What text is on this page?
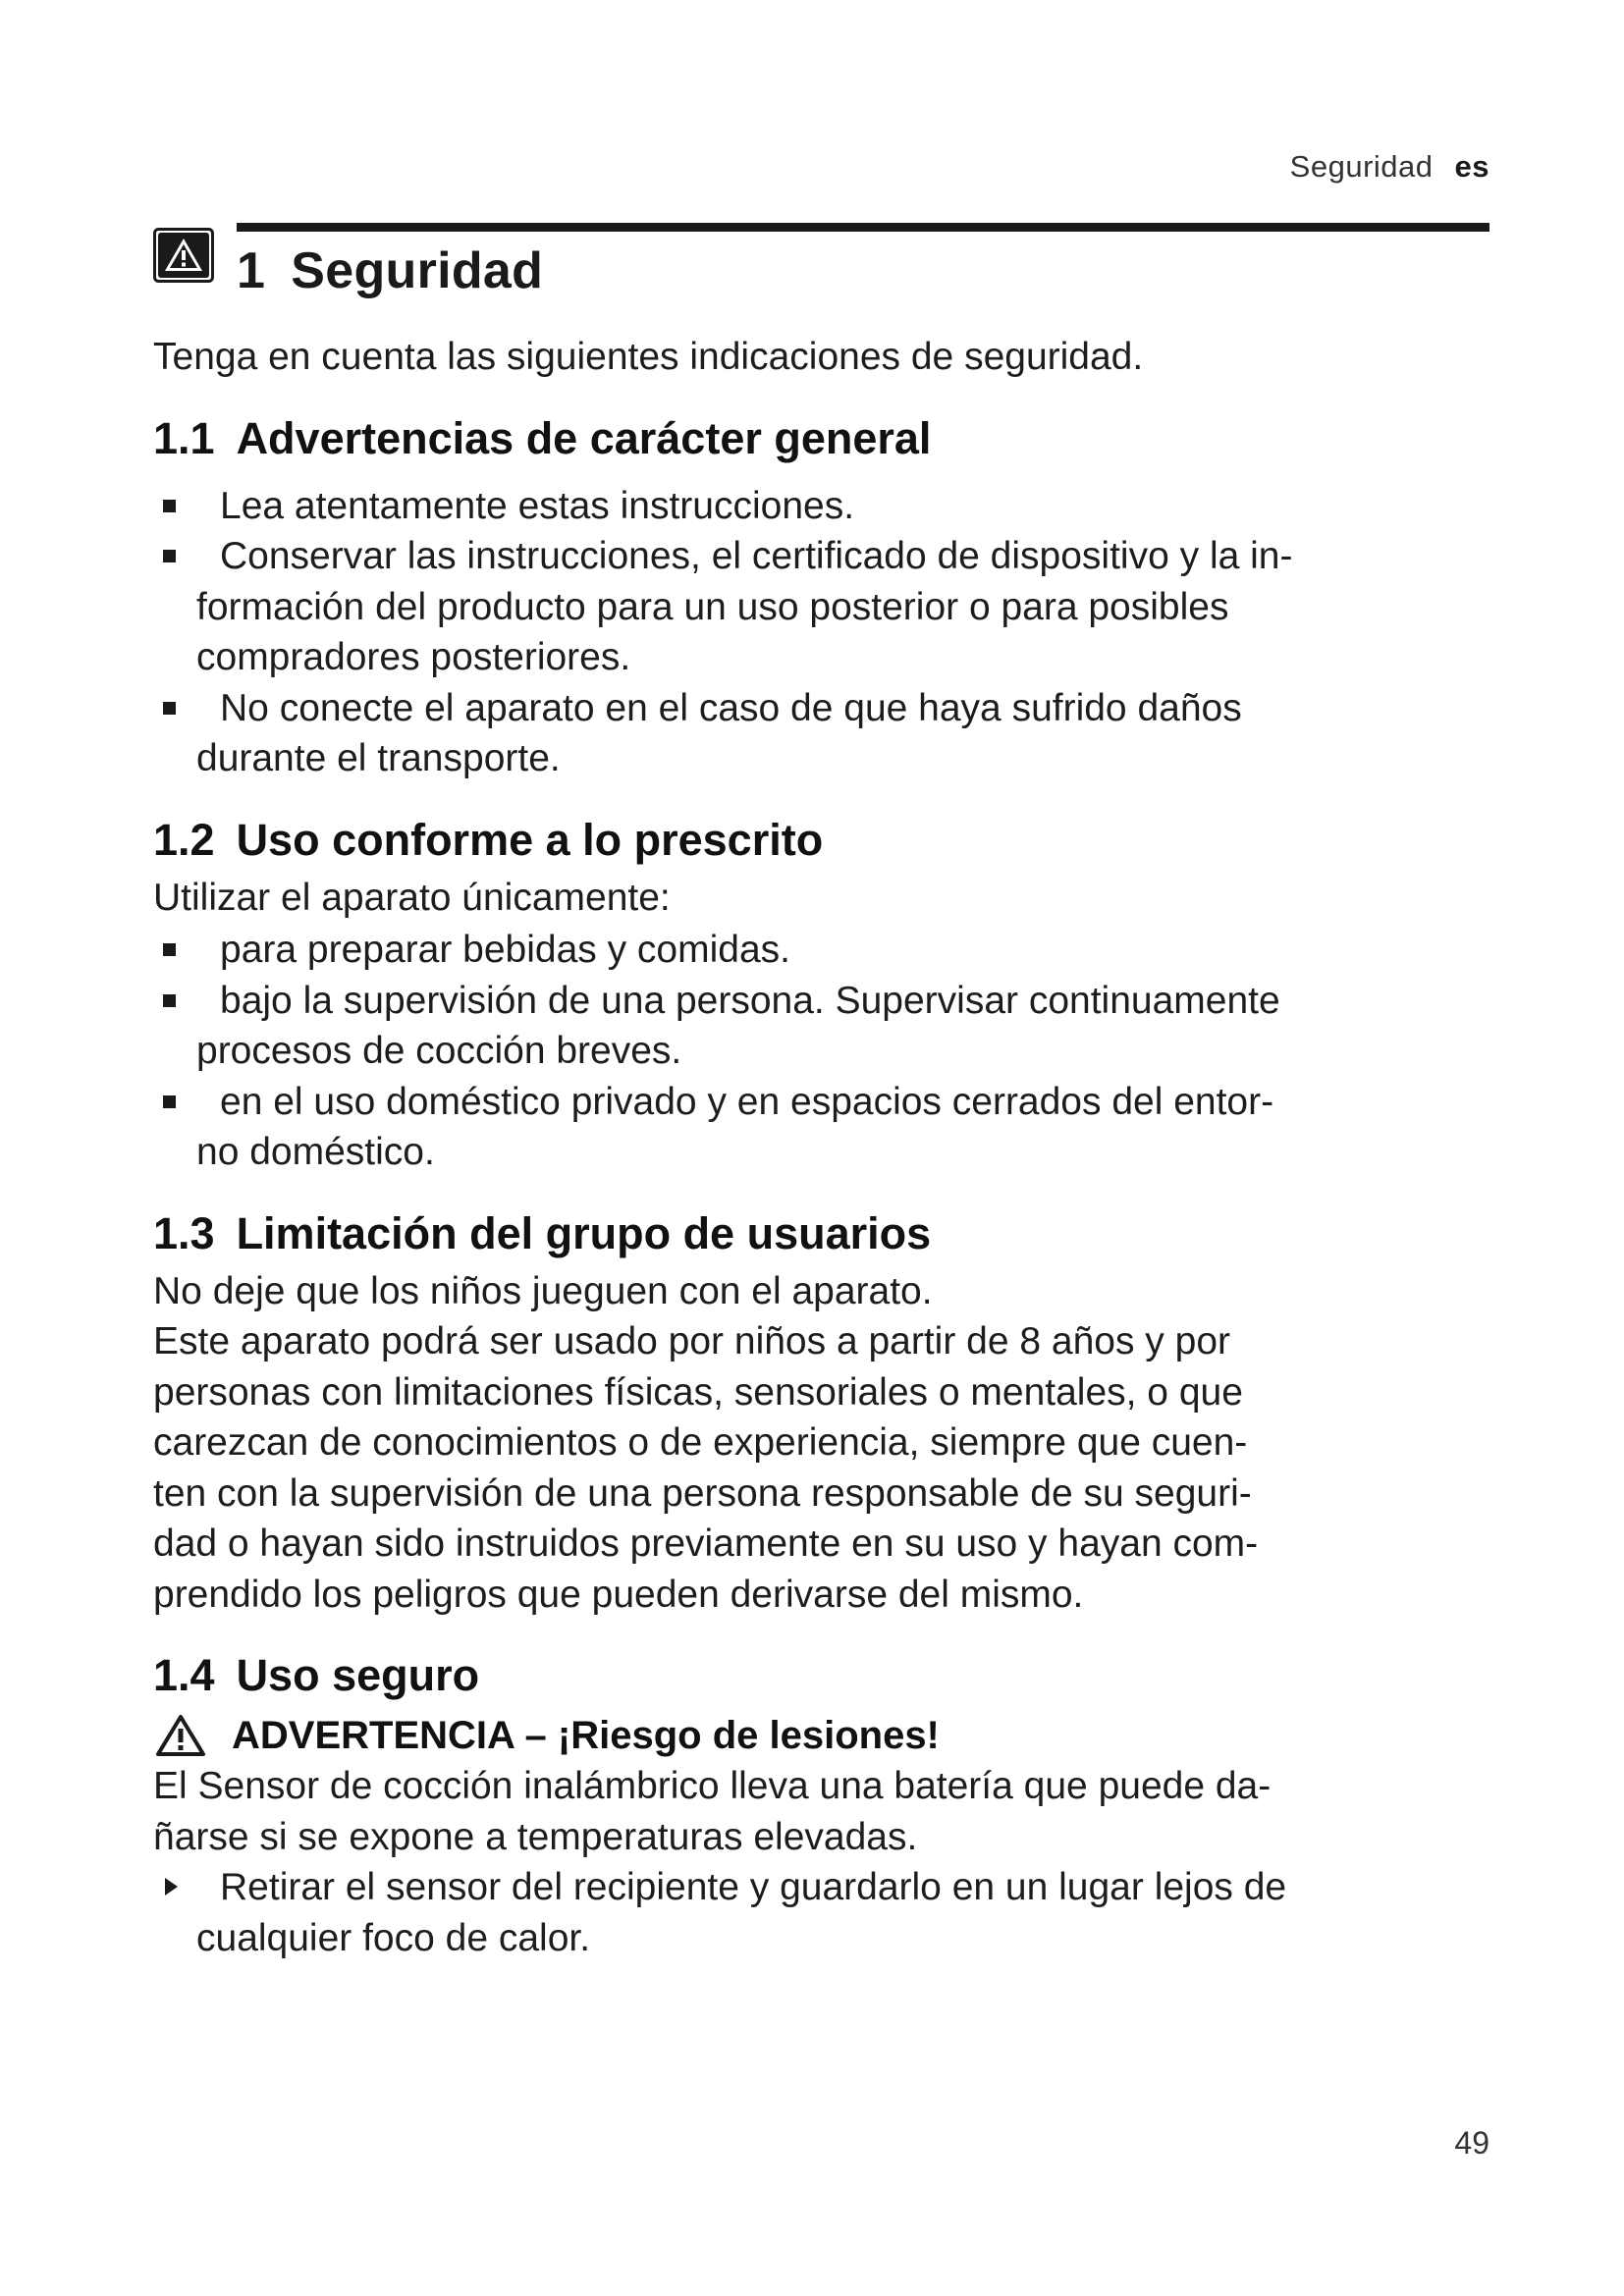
Seguridad es
1 Seguridad

Tenga en cuenta las siguientes indicaciones de seguridad.

1.1 Advertencias de carácter general
Lea atentamente estas instrucciones.
Conservar las instrucciones, el certificado de dispositivo y la in-
formación del producto para un uso posterior o para posibles
compradores posteriores.
No conecte el aparato en el caso de que haya sufrido daños
durante el transporte.
1.2 Uso conforme a lo prescrito

Utilizar el aparato únicamente:

para preparar bebidas y comidas.
bajo la supervisión de una persona. Supervisar continuamente
procesos de cocción breves.
en el uso doméstico privado y en espacios cerrados del entor-
no doméstico.
1.3 Limitación del grupo de usuarios

No deje que los niños jueguen con el aparato.

Este aparato podrá ser usado por niños a partir de 8 años y por
personas con limitaciones físicas, sensoriales o mentales, o que
carezcan de conocimientos o de experiencia, siempre que cuen-
ten con la supervisión de una persona responsable de su seguri-
dad o hayan sido instruidos previamente en su uso y hayan com-
prendido los peligros que pueden derivarse del mismo.

1.4 Uso seguro
ADVERTENCIA – ¡Riesgo de lesiones!

El Sensor de cocción inalámbrico lleva una batería que puede da-
ñarse si se expone a temperaturas elevadas.

Retirar el sensor del recipiente y guardarlo en un lugar lejos de
cualquier foco de calor.
49
